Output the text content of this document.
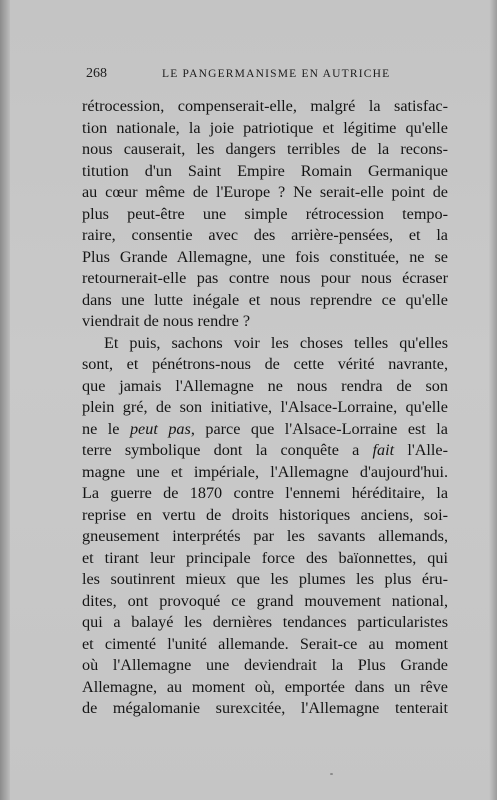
268	LE PANGERMANISME EN AUTRICHE

rétrocession, compenserait-elle, malgré la satisfac-
tion nationale, la joie patriotique et légitime qu'elle
nous causerait, les dangers terribles de la recons-
titution d'un Saint Empire Romain Germanique
au cœur même de l'Europe ? Ne serait-elle point de
plus peut-être une simple rétrocession tempo-
raire, consentie avec des arrière-pensées, et la
Plus Grande Allemagne, une fois constituée, ne se
retournerait-elle pas contre nous pour nous écraser
dans une lutte inégale et nous reprendre ce qu'elle
viendrait de nous rendre ?

Et puis, sachons voir les choses telles qu'elles
sont, et pénétrons-nous de cette vérité navrante,
que jamais l'Allemagne ne nous rendra de son
plein gré, de son initiative, l'Alsace-Lorraine, qu'elle
ne le peut pas, parce que l'Alsace-Lorraine est la
terre symbolique dont la conquête a fait l'Alle-
magne une et impériale, l'Allemagne d'aujourd'hui.
La guerre de 1870 contre l'ennemi héréditaire, la
reprise en vertu de droits historiques anciens, soi-
gneusement interprétés par les savants allemands,
et tirant leur principale force des baïonnettes, qui
les soutinrent mieux que les plumes les plus éru-
dites, ont provoqué ce grand mouvement national,
qui a balayé les dernières tendances particularistes
et cimenté l'unité allemande. Serait-ce au moment
où l'Allemagne une deviendrait la Plus Grande
Allemagne, au moment où, emportée dans un rêve
de mégalomanie surexcitée, l'Allemagne tenterait
